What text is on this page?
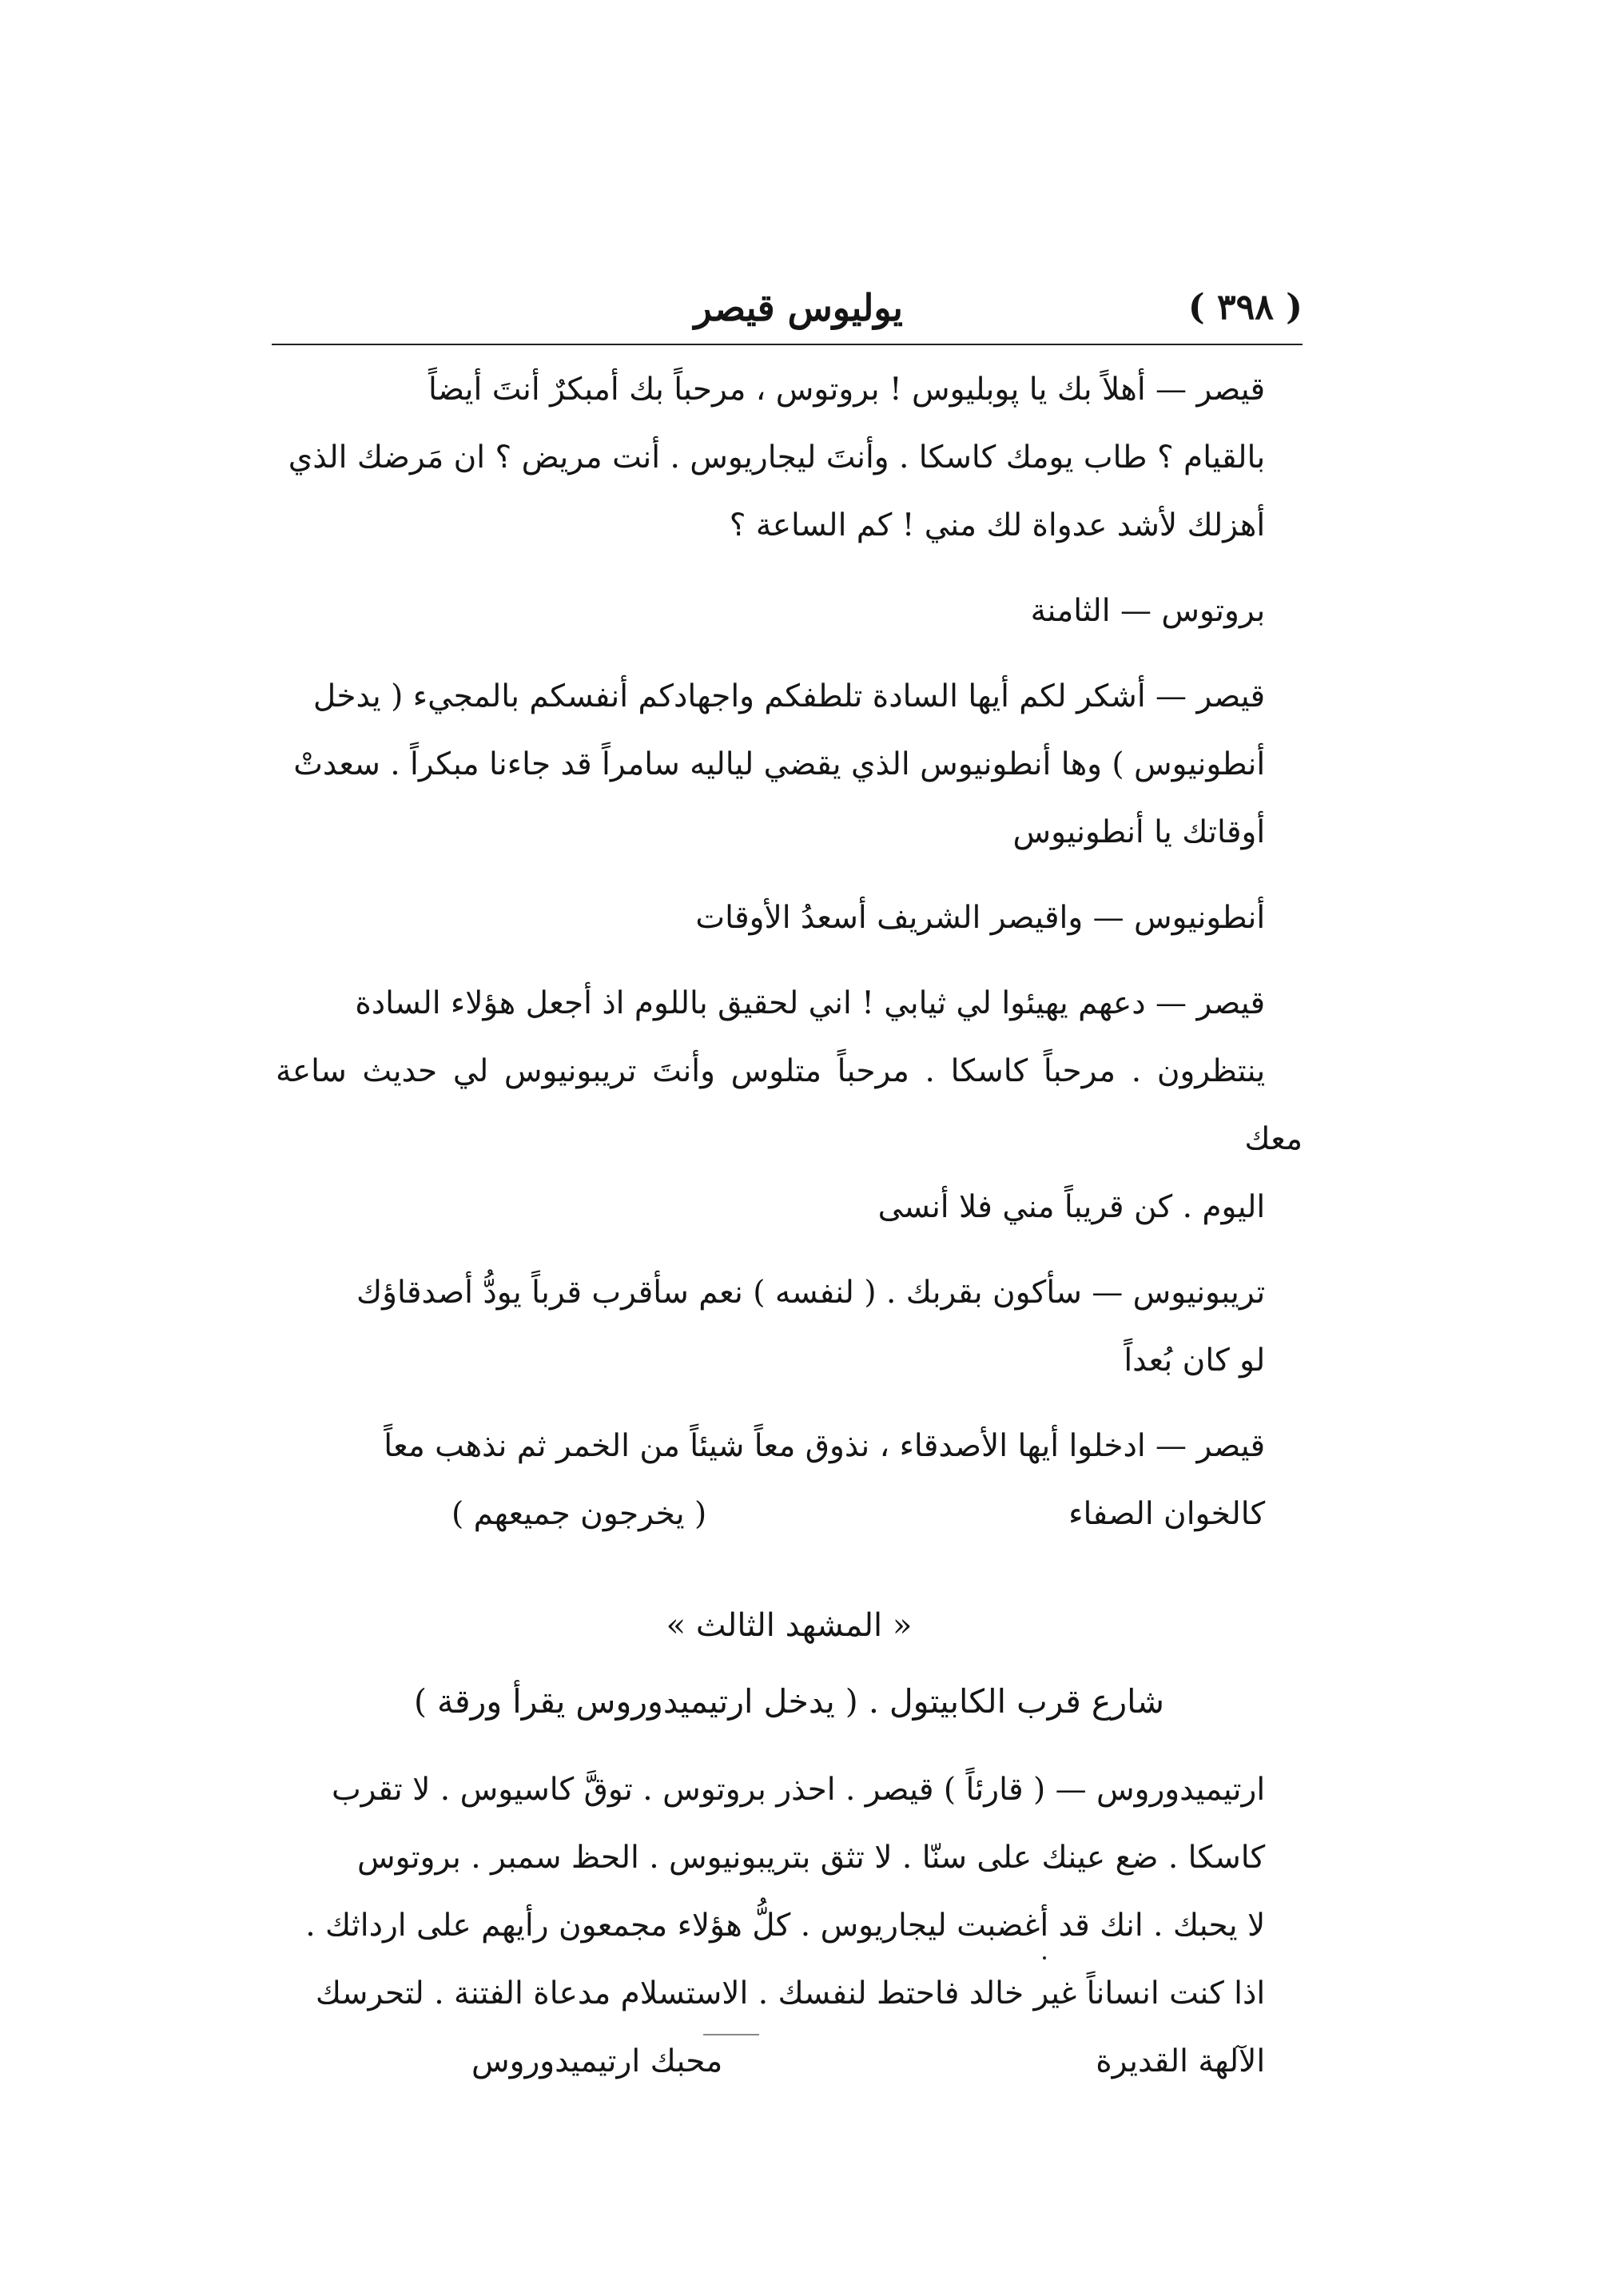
( ٣٩٨ )
يوليوس قيصر
قيصر — أهلاً بك يا پوبليوس ! بروتوس ، مرحباً بك أمبكرٌ أنتَ أيضاً
بالقيام ؟ طاب يومك كاسكا . وأنتَ ليجاريوس . أنت مريض ؟ ان مَرضك الذي
أهزلك لأشد عدواة لك مني ! كم الساعة ؟
بروتوس — الثامنة
قيصر — أشكر لكم أيها السادة تلطفكم واجهادكم أنفسكم بالمجيء ( يدخل
أنطونيوس ) وها أنطونيوس الذي يقضي لياليه سامراً قد جاءنا مبكراً . سعدتْ
أوقاتك يا أنطونيوس
أنطونيوس — واقيصر الشريف أسعدُ الأوقات
قيصر — دعهم يهيئوا لي ثيابي ! اني لحقيق باللوم اذ أجعل هؤلاء السادة
ينتظرون . مرحباً كاسكا . مرحباً متلوس وأنتَ تريبونيوس لي حديث ساعة معك
اليوم . كن قريباً مني فلا أنسى
تريبونيوس — سأكون بقربك . ( لنفسه ) نعم سأقرب قرباً يودُّ أصدقاؤك
لو كان بُعداً
قيصر — ادخلوا أيها الأصدقاء ، نذوق معاً شيئاً من الخمر ثم نذهب معاً
كالخوان الصفاء
( يخرجون جميعهم )
« المشهد الثالث »
شارع قرب الكابيتول . ( يدخل ارتيميدوروس يقرأ ورقة )
ارتيميدوروس — ( قارئاً ) قيصر . احذر بروتوس . توقَّ كاسيوس . لا تقرب
كاسكا . ضع عينك على سنّا . لا تثق بتريبونيوس . الحظ سمبر . بروتوس
لا يحبك . انك قد أغضبت ليجاريوس . كلُّ هؤلاء مجمعون رأيهم على ارداثك .
اذا كنت انساناً غير خالد فاحتط لنفسك . الاستسلام مدعاة الفتنة . لتحرسك
الآلهة القديرة
محبك ارتيميدوروس
